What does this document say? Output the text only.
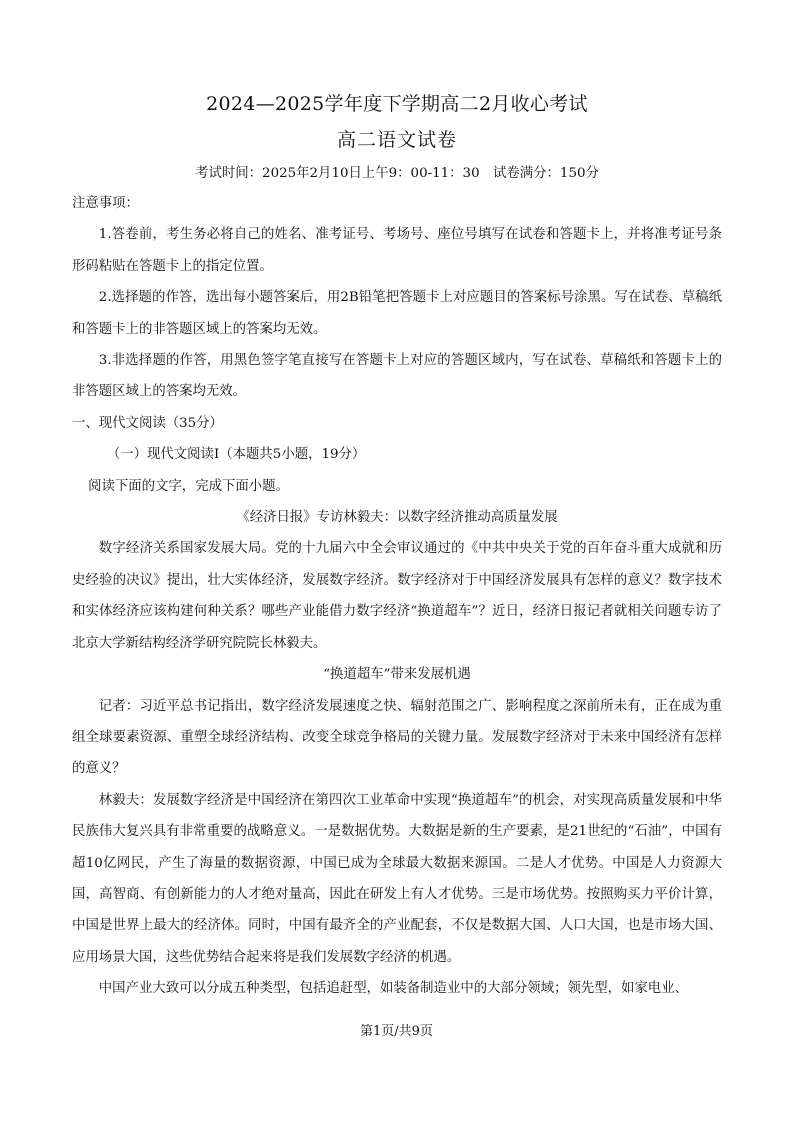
2024—2025学年度下学期高二2月收心考试

高二语文试卷

考试时间：2025年2月10日上午9：00-11：30　试卷满分：150分

注意事项：

1.答卷前，考生务必将自己的姓名、准考证号、考场号、座位号填写在试卷和答题卡上，并将准考证号条形码粘贴在答题卡上的指定位置。

2.选择题的作答，选出每小题答案后，用2B铅笔把答题卡上对应题目的答案标号涂黑。写在试卷、草稿纸和答题卡上的非答题区域上的答案均无效。

3.非选择题的作答，用黑色签字笔直接写在答题卡上对应的答题区域内，写在试卷、草稿纸和答题卡上的非答题区域上的答案均无效。

一、现代文阅读（35分）

（一）现代文阅读Ⅰ（本题共5小题，19分）

阅读下面的文字，完成下面小题。

《经济日报》专访林毅夫：以数字经济推动高质量发展

数字经济关系国家发展大局。党的十九届六中全会审议通过的《中共中央关于党的百年奋斗重大成就和历史经验的决议》提出，壮大实体经济，发展数字经济。数字经济对于中国经济发展具有怎样的意义？数字技术和实体经济应该构建何种关系？哪些产业能借力数字经济“换道超车”？近日，经济日报记者就相关问题专访了北京大学新结构经济学研究院院长林毅夫。

“换道超车”带来发展机遇

记者：习近平总书记指出，数字经济发展速度之快、辐射范围之广、影响程度之深前所未有，正在成为重组全球要素资源、重塑全球经济结构、改变全球竞争格局的关键力量。发展数字经济对于未来中国经济有怎样的意义？

林毅夫：发展数字经济是中国经济在第四次工业革命中实现“换道超车”的机会，对实现高质量发展和中华民族伟大复兴具有非常重要的战略意义。一是数据优势。大数据是新的生产要素，是21世纪的“石油”，中国有超10亿网民，产生了海量的数据资源，中国已成为全球最大数据来源国。二是人才优势。中国是人力资源大国，高智商、有创新能力的人才绝对量高，因此在研发上有人才优势。三是市场优势。按照购买力平价计算，中国是世界上最大的经济体。同时，中国有最齐全的产业配套，不仅是数据大国、人口大国，也是市场大国、应用场景大国，这些优势结合起来将是我们发展数字经济的机遇。

中国产业大致可以分成五种类型，包括追赶型，如装备制造业中的大部分领域；领先型，如家电业、

第1页/共9页
